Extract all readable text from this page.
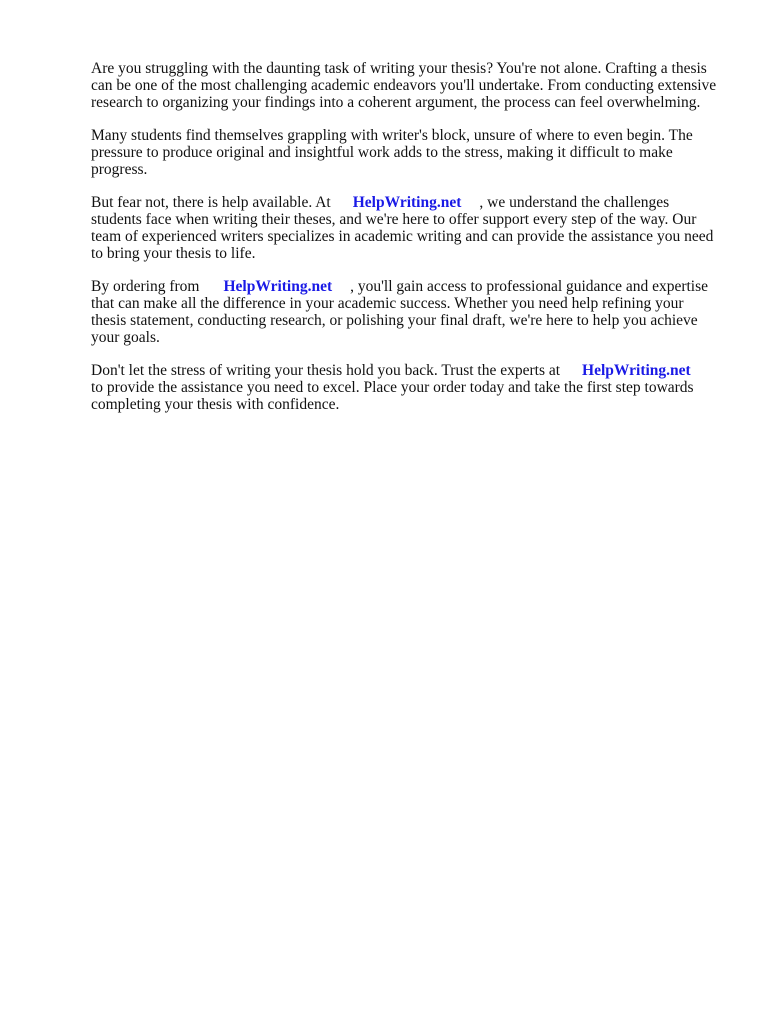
Are you struggling with the daunting task of writing your thesis? You're not alone. Crafting a thesis
can be one of the most challenging academic endeavors you'll undertake. From conducting extensive
research to organizing your findings into a coherent argument, the process can feel overwhelming.

Many students find themselves grappling with writer's block, unsure of where to even begin. The
pressure to produce original and insightful work adds to the stress, making it difficult to make
progress.

But fear not, there is help available. At HelpWriting.net , we understand the challenges
students face when writing their theses, and we're here to offer support every step of the way. Our
team of experienced writers specializes in academic writing and can provide the assistance you need
to bring your thesis to life.

By ordering from HelpWriting.net , you'll gain access to professional guidance and expertise
that can make all the difference in your academic success. Whether you need help refining your
thesis statement, conducting research, or polishing your final draft, we're here to help you achieve
your goals.

Don't let the stress of writing your thesis hold you back. Trust the experts at HelpWriting.net
to provide the assistance you need to excel. Place your order today and take the first step towards
completing your thesis with confidence.
